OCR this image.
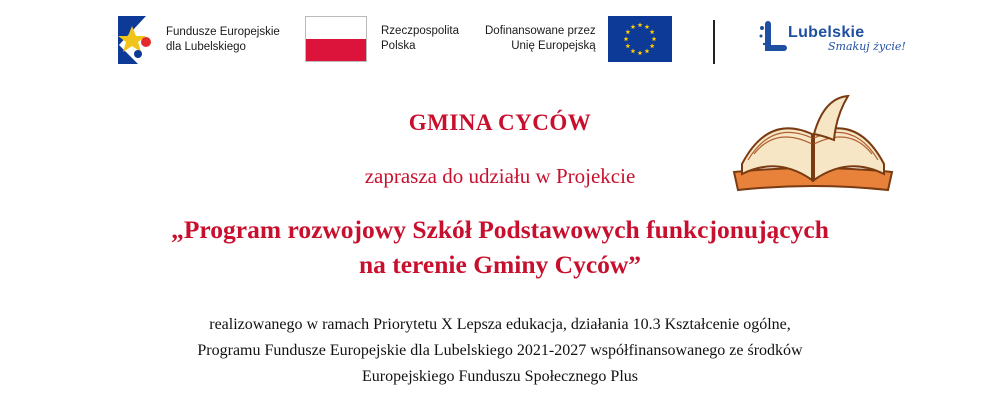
Fundusze Europejskie
dla Lubelskiego
Rzeczpospolita
Polska
Dofinansowane przez
Unię Europejską
Lubelskie
Smakuj życie!
GMINA CYCÓW
zaprasza do udziału w Projekcie
„Program rozwojowy Szkół Podstawowych funkcjonujących
na terenie Gminy Cyców”
realizowanego w ramach Priorytetu X Lepsza edukacja, działania 10.3 Kształcenie ogólne,
Programu Fundusze Europejskie dla Lubelskiego 2021-2027 współfinansowanego ze środków
Europejskiego Funduszu Społecznego Plus
